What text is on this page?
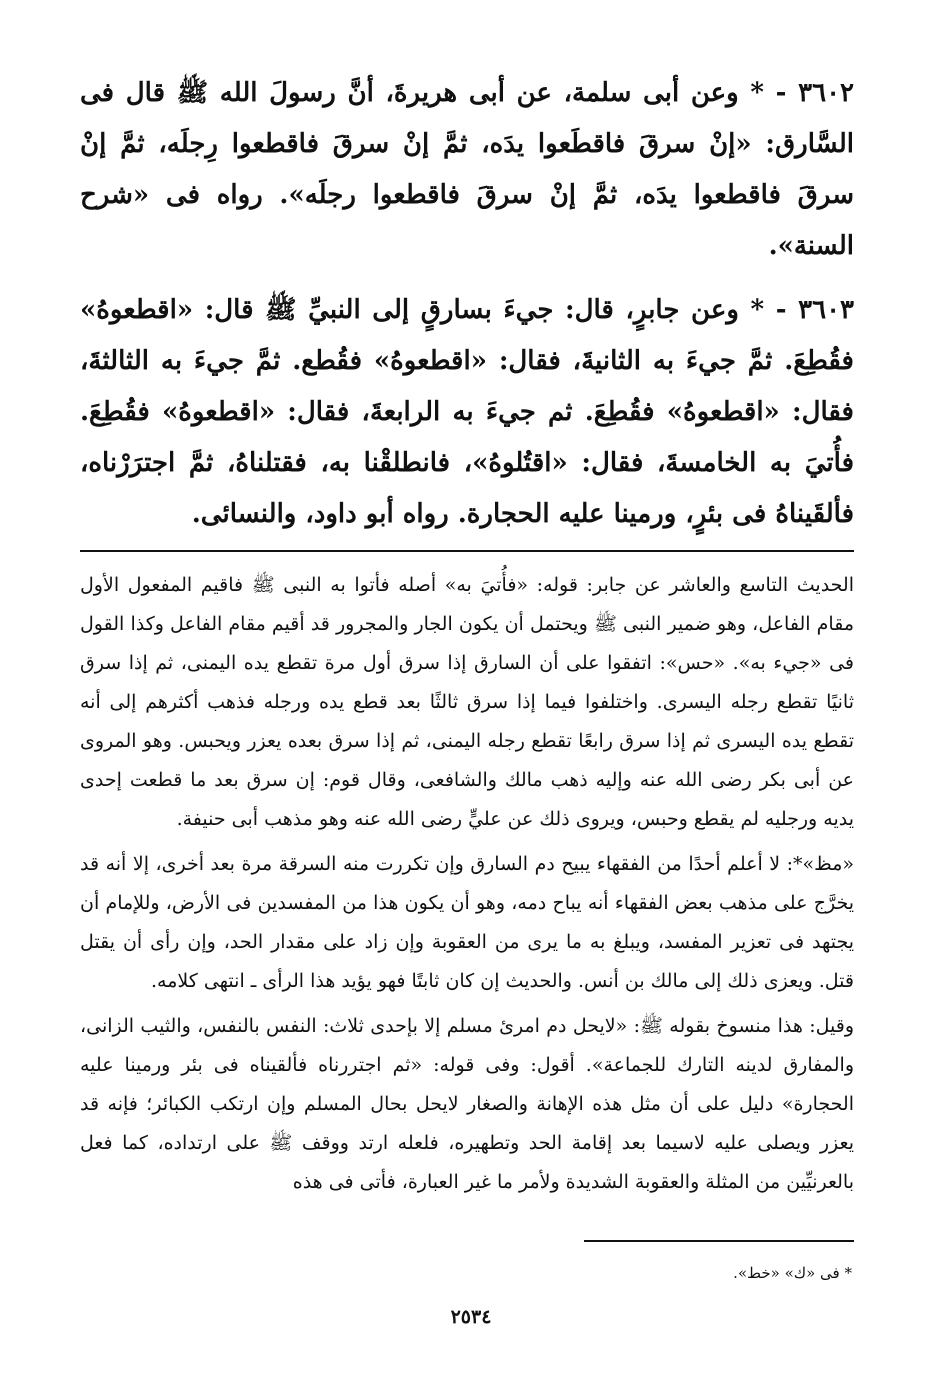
٣٦٠٢ - * وعن أبى سلمة، عن أبى هريرةَ، أنَّ رسولَ الله ﷺ قال فى السَّارق: «إنْ سرقَ فاقطَعوا يدَه، ثمَّ إنْ سرقَ فاقطعوا رِجلَه، ثمَّ إنْ سرقَ فاقطعوا يدَه، ثمَّ إنْ سرقَ فاقطعوا رجلَه». رواه فى «شرح السنة».

٣٦٠٣ - * وعن جابرٍ، قال: جيءَ بسارقٍ إلى النبيِّ ﷺ قال: «اقطعوهُ» فقُطِعَ. ثمَّ جيءَ به الثانيةَ، فقال: «اقطعوهُ» فقُطع. ثمَّ جيءَ به الثالثةَ، فقال: «اقطعوهُ» فقُطِعَ. ثم جيءَ به الرابعةَ، فقال: «اقطعوهُ» فقُطِعَ. فأُتيَ به الخامسةَ، فقال: «اقتُلوهُ»، فانطلقْنا به، فقتلناهُ، ثمَّ اجترَرْناه، فألقَيناهُ فى بئرٍ، ورمينا عليه الحجارة. رواه أبو داود، والنسائى.

الحديث التاسع والعاشر عن جابر: قوله: «فأُتيَ به» أصله فأتوا به النبى ﷺ فاقيم المفعول الأول مقام الفاعل، وهو ضمير النبى ﷺ ويحتمل أن يكون الجار والمجرور قد أقيم مقام الفاعل وكذا القول فى «جيء به». «حس»: اتفقوا على أن السارق إذا سرق أول مرة تقطع يده اليمنى، ثم إذا سرق ثانيًا تقطع رجله اليسرى. واختلفوا فيما إذا سرق ثالثًا بعد قطع يده ورجله فذهب أكثرهم إلى أنه تقطع يده اليسرى ثم إذا سرق رابعًا تقطع رجله اليمنى، ثم إذا سرق بعده يعزر ويحبس. وهو المروى عن أبى بكر رضى الله عنه وإليه ذهب مالك والشافعى، وقال قوم: إن سرق بعد ما قطعت إحدى يديه ورجليه لم يقطع وحبس، ويروى ذلك عن عليٍّ رضى الله عنه وهو مذهب أبى حنيفة.

«مظ»*: لا أعلم أحدًا من الفقهاء يبيح دم السارق وإن تكررت منه السرقة مرة بعد أخرى، إلا أنه قد يخرَّج على مذهب بعض الفقهاء أنه يباح دمه، وهو أن يكون هذا من المفسدين فى الأرض، وللإمام أن يجتهد فى تعزير المفسد، ويبلغ به ما يرى من العقوبة وإن زاد على مقدار الحد، وإن رأى أن يقتل قتل. ويعزى ذلك إلى مالك بن أنس. والحديث إن كان ثابتًا فهو يؤيد هذا الرأى ـ انتهى كلامه.

وقيل: هذا منسوخ بقوله ﷺ: «لايحل دم امرئ مسلم إلا بإحدى ثلاث: النفس بالنفس، والثيب الزانى، والمفارق لدينه التارك للجماعة». أقول: وفى قوله: «ثم اجتررناه فألقيناه فى بئر ورمينا عليه الحجارة» دليل على أن مثل هذه الإهانة والصغار لايحل بحال المسلم وإن ارتكب الكبائر؛ فإنه قد يعزر ويصلى عليه لاسيما بعد إقامة الحد وتطهيره، فلعله ارتد ووقف ﷺ على ارتداده، كما فعل بالعرنيِّين من المثلة والعقوبة الشديدة ولأمر ما غير العبارة، فأتى فى هذه

* فى «ك» «خط».
٢٥٣٤
